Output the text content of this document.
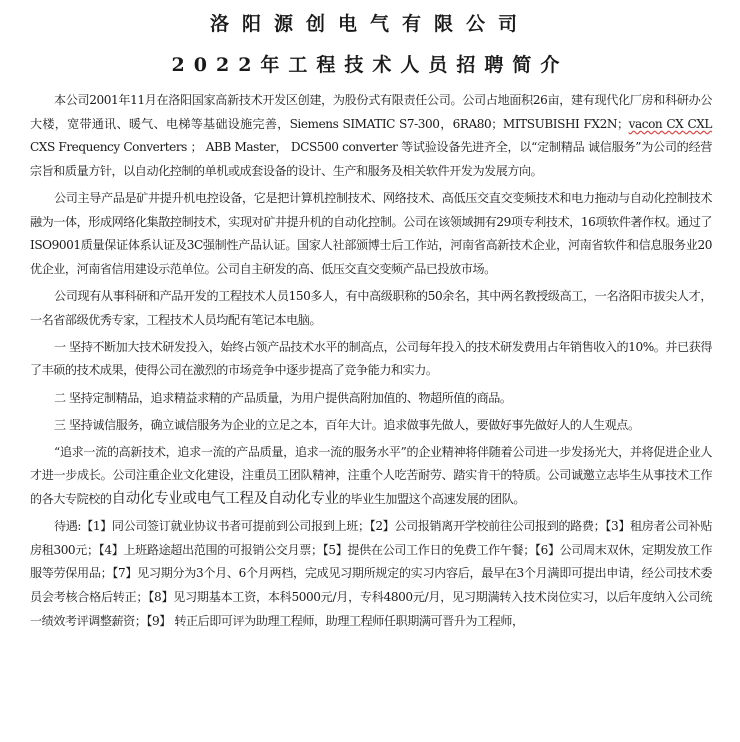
洛阳源创电气有限公司
2022年工程技术人员招聘简介

本公司2001年11月在洛阳国家高新技术开发区创建，为股份式有限责任公司。公司占地面积26亩，建有现代化厂房和科研办公大楼，宽带通讯、暖气、电梯等基础设施完善，Siemens SIMATIC S7-300，6RA80；MITSUBISHI FX2N；vacon CX CXL CXS Frequency Converters ； ABB Master， DCS500 converter 等试验设备先进齐全，以“定制精品 诚信服务”为公司的经营宗旨和质量方针，以自动化控制的单机或成套设备的设计、生产和服务及相关软件开发为发展方向。

公司主导产品是矿井提升机电控设备，它是把计算机控制技术、网络技术、高低压交直交变频技术和电力拖动与自动化控制技术融为一体，形成网络化集散控制技术，实现对矿井提升机的自动化控制。公司在该领域拥有29项专利技术，16项软件著作权。通过了ISO9001质量保证体系认证及3C强制性产品认证。国家人社部颁博士后工作站，河南省高新技术企业，河南省软件和信息服务业20优企业，河南省信用建设示范单位。公司自主研发的高、低压交直交变频产品已投放市场。

公司现有从事科研和产品开发的工程技术人员150多人，有中高级职称的50余名，其中两名教授级高工，一名洛阳市拔尖人才，一名省部级优秀专家，工程技术人员均配有笔记本电脑。

一 坚持不断加大技术研发投入，始终占领产品技术水平的制高点，公司每年投入的技术研发费用占年销售收入的10%。并已获得了丰硕的技术成果，使得公司在激烈的市场竞争中逐步提高了竞争能力和实力。

二 坚持定制精品，追求精益求精的产品质量，为用户提供高附加值的、物超所值的商品。

三 坚持诚信服务，确立诚信服务为企业的立足之本，百年大计。追求做事先做人，要做好事先做好人的人生观点。

“追求一流的高新技术，追求一流的产品质量，追求一流的服务水平”的企业精神将伴随着公司进一步发扬光大，并将促进企业人才进一步成长。公司注重企业文化建设，注重员工团队精神，注重个人吃苦耐劳、踏实肯干的特质。公司诚邀立志毕生从事技术工作的各大专院校的自动化专业或电气工程及自动化专业的毕业生加盟这个高速发展的团队。

待遇:【1】同公司签订就业协议书者可提前到公司报到上班；【2】公司报销离开学校前往公司报到的路费；【3】租房者公司补贴房租300元；【4】上班路途超出范围的可报销公交月票；【5】提供在公司工作日的免费工作午餐；【6】公司周末双休，定期发放工作服等劳保用品；【7】见习期分为3个月、6个月两档，完成见习期所规定的实习内容后，最早在3个月满即可提出申请，经公司技术委员会考核合格后转正；【8】见习期基本工资，本科5000元/月，专科4800元/月，见习期满转入技术岗位实习，以后年度纳入公司统一绩效考评调整薪资；【9】 转正后即可评为助理工程师，助理工程师任职期满可晋升为工程师，
